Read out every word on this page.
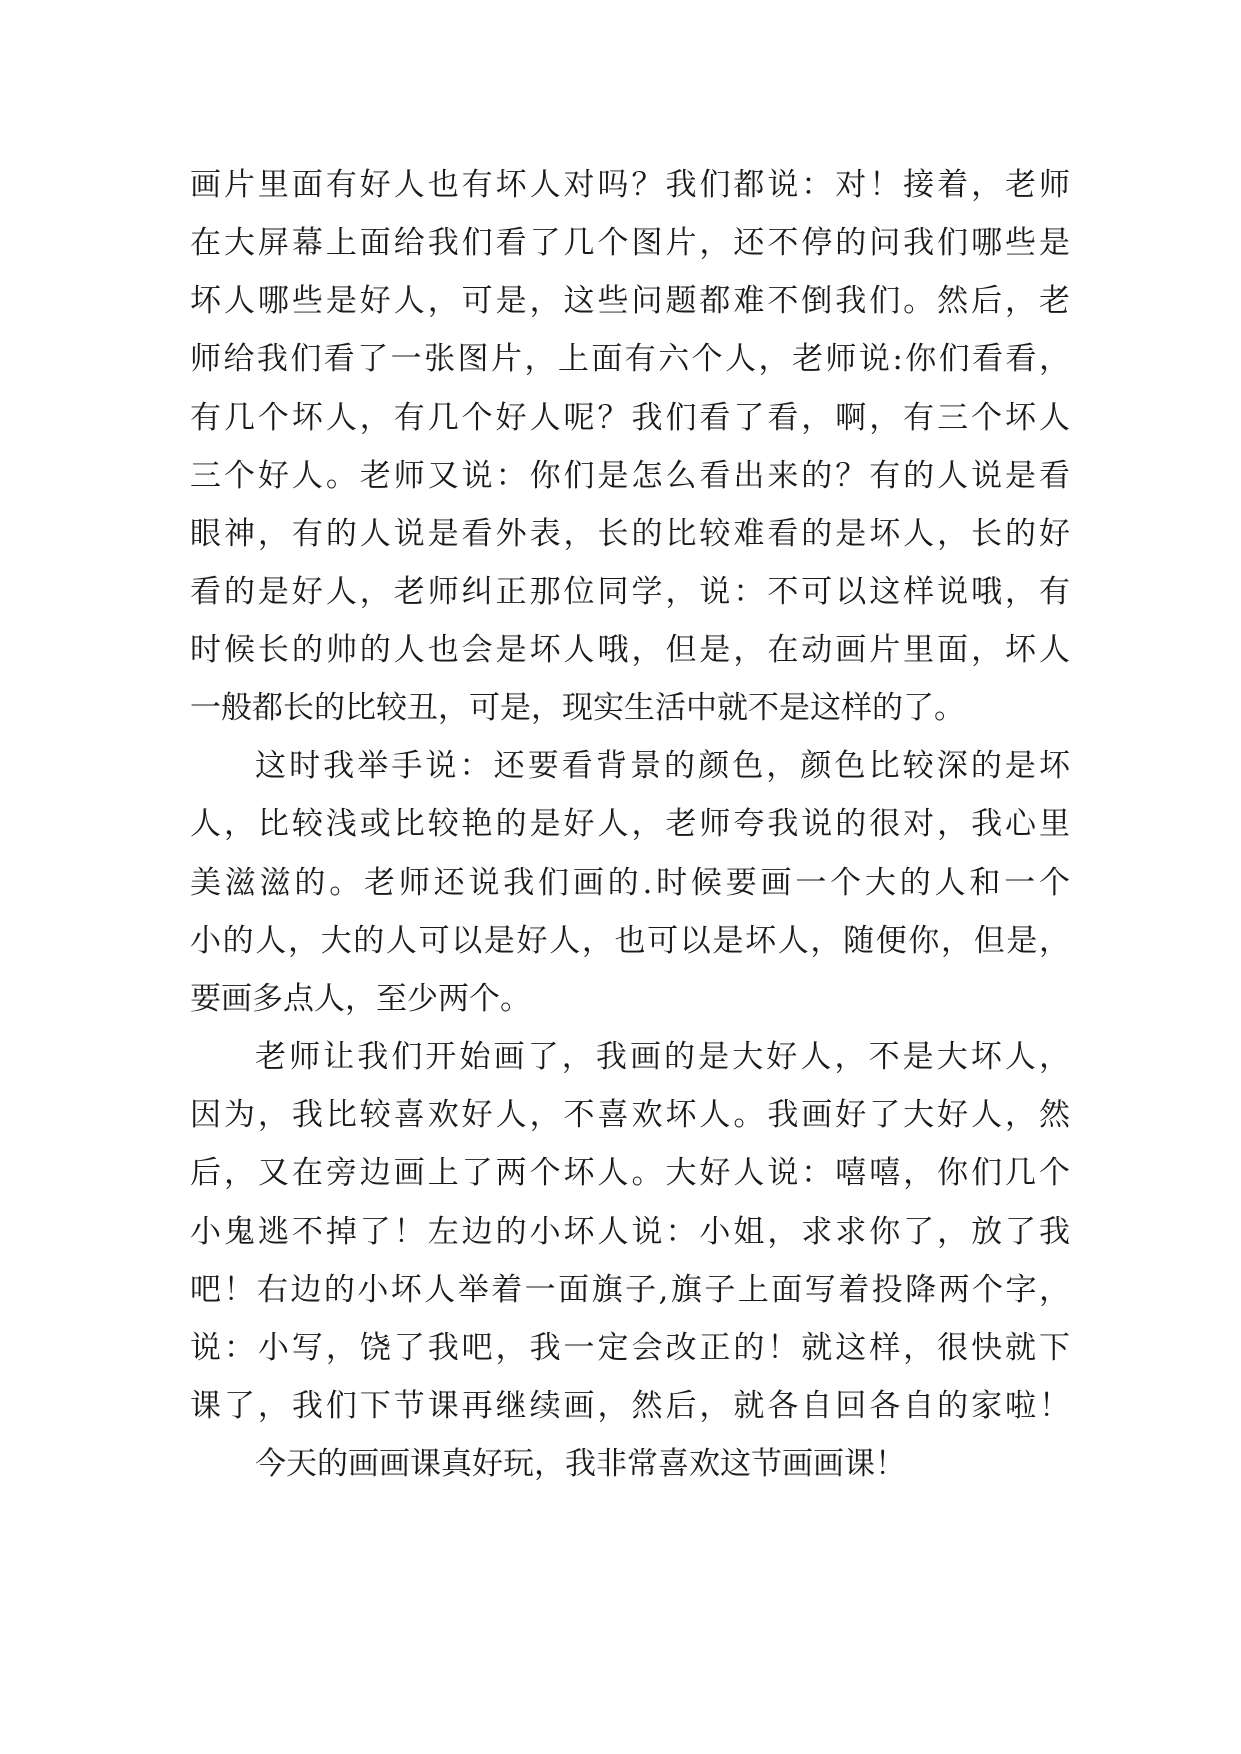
画片里面有好人也有坏人对吗？我们都说：对！接着，老师

在大屏幕上面给我们看了几个图片，还不停的问我们哪些是

坏人哪些是好人，可是，这些问题都难不倒我们。然后，老

师给我们看了一张图片，上面有六个人，老师说:你们看看，

有几个坏人，有几个好人呢？我们看了看，啊，有三个坏人

三个好人。老师又说：你们是怎么看出来的？有的人说是看

眼神，有的人说是看外表，长的比较难看的是坏人，长的好

看的是好人，老师纠正那位同学，说：不可以这样说哦，有

时候长的帅的人也会是坏人哦，但是，在动画片里面，坏人

一般都长的比较丑，可是，现实生活中就不是这样的了。

这时我举手说：还要看背景的颜色，颜色比较深的是坏

人，比较浅或比较艳的是好人，老师夸我说的很对，我心里

美滋滋的。老师还说我们画的.时候要画一个大的人和一个

小的人，大的人可以是好人，也可以是坏人，随便你，但是，

要画多点人，至少两个。

老师让我们开始画了，我画的是大好人，不是大坏人，

因为，我比较喜欢好人，不喜欢坏人。我画好了大好人，然

后，又在旁边画上了两个坏人。大好人说：嘻嘻，你们几个

小鬼逃不掉了！左边的小坏人说：小姐，求求你了，放了我

吧！右边的小坏人举着一面旗子,旗子上面写着投降两个字，

说：小写，饶了我吧，我一定会改正的！就这样，很快就下

课了，我们下节课再继续画，然后，就各自回各自的家啦！

今天的画画课真好玩，我非常喜欢这节画画课！
